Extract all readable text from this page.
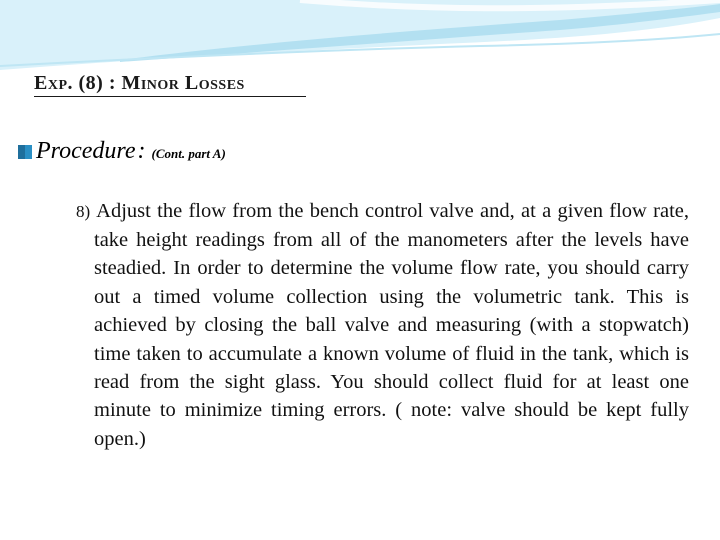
Exp. (8) : Minor Losses
Procedure : (Cont. part A)

8) Adjust the flow from the bench control valve and, at a given flow rate, take height readings from all of the manometers after the levels have steadied. In order to determine the volume flow rate, you should carry out a timed volume collection using the volumetric tank. This is achieved by closing the ball valve and measuring (with a stopwatch) time taken to accumulate a known volume of fluid in the tank, which is read from the sight glass. You should collect fluid for at least one minute to minimize timing errors. ( note: valve should be kept fully open.)
